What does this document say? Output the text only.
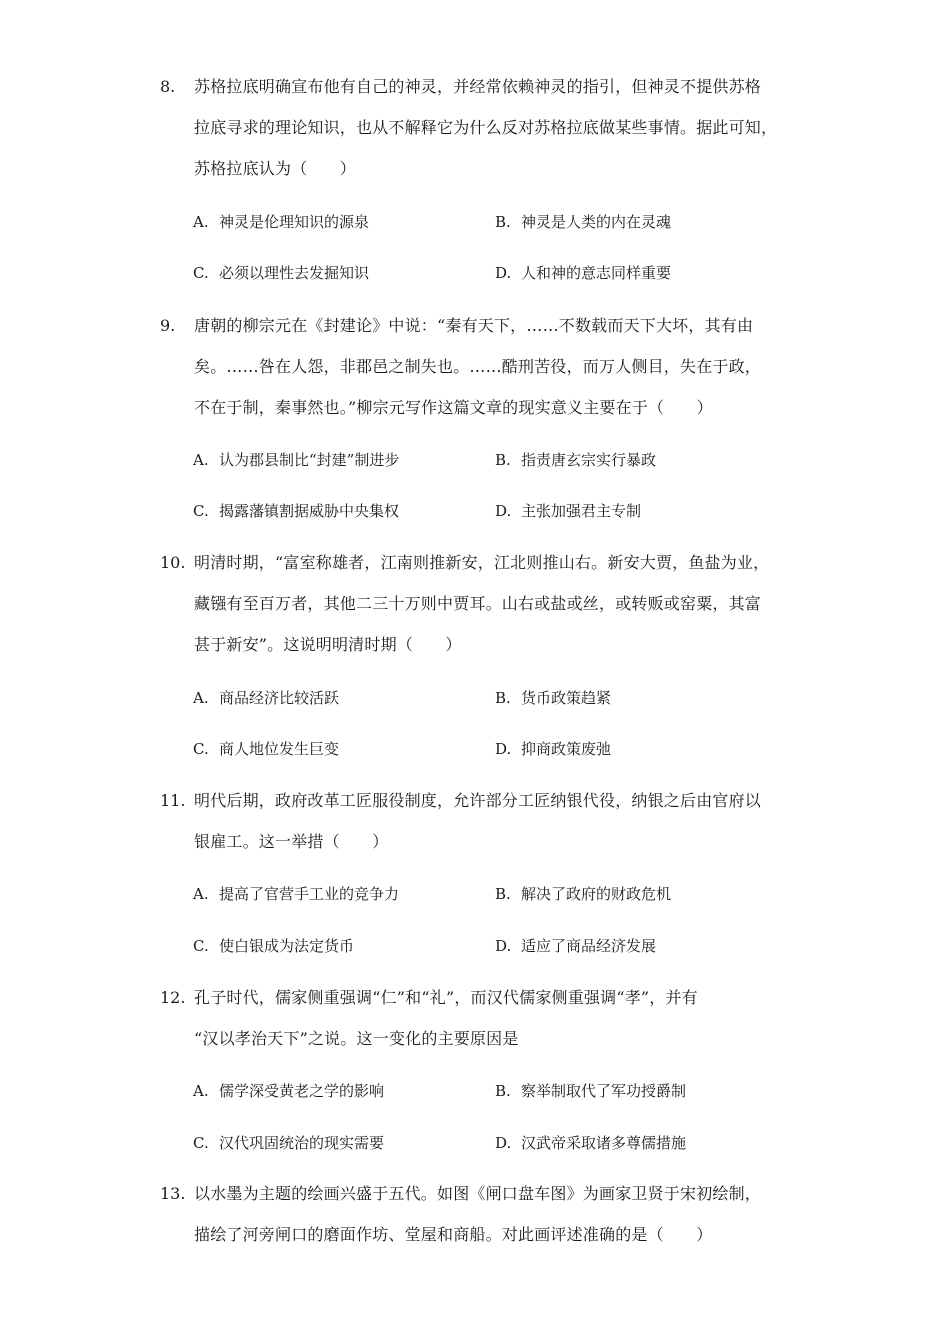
8. 苏格拉底明确宣布他有自己的神灵，并经常依赖神灵的指引，但神灵不提供苏格
拉底寻求的理论知识，也从不解释它为什么反对苏格拉底做某些事情。据此可知，
苏格拉底认为（　　）
A. 神灵是伦理知识的源泉	B. 神灵是人类的内在灵魂
C. 必须以理性去发掘知识	D. 人和神的意志同样重要
9. 唐朝的柳宗元在《封建论》中说：“秦有天下，……不数载而天下大坏，其有由
矣。……咎在人怨，非郡邑之制失也。……酷刑苦役，而万人侧目，失在于政，
不在于制，秦事然也。”柳宗元写作这篇文章的现实意义主要在于（　　）
A. 认为郡县制比“封建”制进步	B. 指责唐玄宗实行暴政
C. 揭露藩镇割据威胁中央集权	D. 主张加强君主专制
10. 明清时期，“富室称雄者，江南则推新安，江北则推山右。新安大贾，鱼盐为业，
藏镪有至百万者，其他二三十万则中贾耳。山右或盐或丝，或转贩或窑粟，其富
甚于新安”。这说明明清时期（　　）
A. 商品经济比较活跃	B. 货币政策趋紧
C. 商人地位发生巨变	D. 抑商政策废弛
11. 明代后期，政府改革工匠服役制度，允许部分工匠纳银代役，纳银之后由官府以
银雇工。这一举措（　　）
A. 提高了官营手工业的竞争力	B. 解决了政府的财政危机
C. 使白银成为法定货币	D. 适应了商品经济发展
12. 孔子时代，儒家侧重强调“仁”和“礼”，而汉代儒家侧重强调“孝”，并有
“汉以孝治天下”之说。这一变化的主要原因是
A. 儒学深受黄老之学的影响	B. 察举制取代了军功授爵制
C. 汉代巩固统治的现实需要	D. 汉武帝采取诸多尊儒措施
13. 以水墨为主题的绘画兴盛于五代。如图《闸口盘车图》为画家卫贤于宋初绘制，
描绘了河旁闸口的磨面作坊、堂屋和商船。对此画评述准确的是（　　）
